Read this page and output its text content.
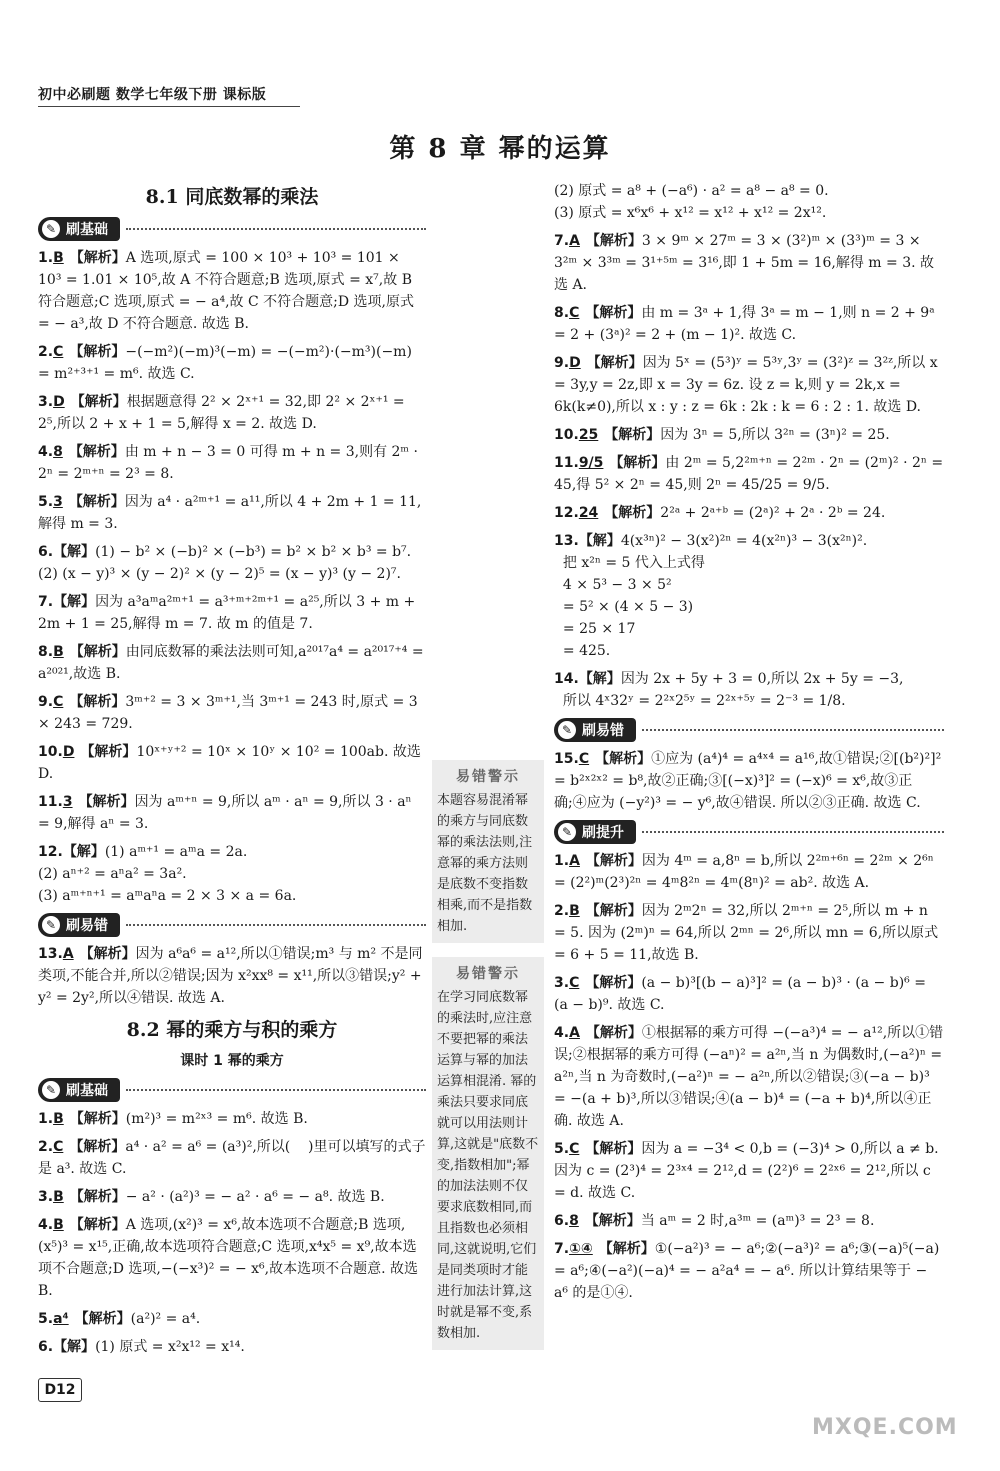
初中必刷题 数学七年级下册 课标版
第 8 章 幂的运算
8.1 同底数幂的乘法
✎ 刷基础
1.B 【解析】A 选项,原式 = 100 × 10³ + 10³ = 101 × 10³ = 1.01 × 10⁵,故 A 不符合题意;B 选项,原式 = x⁷,故 B 符合题意;C 选项,原式 = − a⁴,故 C 不符合题意;D 选项,原式 = − a³,故 D 不符合题意. 故选 B.
2.C 【解析】−(−m²)(−m)³(−m) = −(−m²)·(−m³)(−m) = m²⁺³⁺¹ = m⁶. 故选 C.
3.D 【解析】根据题意得 2² × 2ˣ⁺¹ = 32,即 2² × 2ˣ⁺¹ = 2⁵,所以 2 + x + 1 = 5,解得 x = 2. 故选 D.
4.8 【解析】由 m + n − 3 = 0 可得 m + n = 3,则有 2ᵐ · 2ⁿ = 2ᵐ⁺ⁿ = 2³ = 8.
5.3 【解析】因为 a⁴ · a²ᵐ⁺¹ = a¹¹,所以 4 + 2m + 1 = 11,解得 m = 3.
6.【解】(1) − b² × (−b)² × (−b³) = b² × b² × b³ = b⁷.
(2) (x − y)³ × (y − 2)² × (y − 2)⁵ = (x − y)³ (y − 2)⁷.
7.【解】因为 a³aᵐa²ᵐ⁺¹ = a³⁺ᵐ⁺²ᵐ⁺¹ = a²⁵,所以 3 + m + 2m + 1 = 25,解得 m = 7. 故 m 的值是 7.
8.B 【解析】由同底数幂的乘法法则可知,a²⁰¹⁷a⁴ = a²⁰¹⁷⁺⁴ = a²⁰²¹,故选 B.
9.C 【解析】3ᵐ⁺² = 3 × 3ᵐ⁺¹,当 3ᵐ⁺¹ = 243 时,原式 = 3 × 243 = 729.
10.D 【解析】10ˣ⁺ʸ⁺² = 10ˣ × 10ʸ × 10² = 100ab. 故选 D.
11.3 【解析】因为 aᵐ⁺ⁿ = 9,所以 aᵐ · aⁿ = 9,所以 3 · aⁿ = 9,解得 aⁿ = 3.
12.【解】(1) aᵐ⁺¹ = aᵐa = 2a.
(2) aⁿ⁺² = aⁿa² = 3a².
(3) aᵐ⁺ⁿ⁺¹ = aᵐaⁿa = 2 × 3 × a = 6a.
✎ 刷易错
13.A 【解析】因为 a⁶a⁶ = a¹²,所以①错误;m³ 与 m² 不是同类项,不能合并,所以②错误;因为 x²xx⁸ = x¹¹,所以③错误;y² + y² = 2y²,所以④错误. 故选 A.
8.2 幂的乘方与积的乘方
课时 1 幂的乘方
✎ 刷基础
1.B 【解析】(m²)³ = m²ˣ³ = m⁶. 故选 B.
2.C 【解析】a⁴ · a² = a⁶ = (a³)²,所以(    )里可以填写的式子是 a³. 故选 C.
3.B 【解析】− a² · (a²)³ = − a² · a⁶ = − a⁸. 故选 B.
4.B 【解析】A 选项,(x²)³ = x⁶,故本选项不合题意;B 选项,(x⁵)³ = x¹⁵,正确,故本选项符合题意;C 选项,x⁴x⁵ = x⁹,故本选项不合题意;D 选项,−(−x³)² = − x⁶,故本选项不合题意. 故选 B.
5.a⁴ 【解析】(a²)² = a⁴.
6.【解】(1) 原式 = x²x¹² = x¹⁴.
易错警示
本题容易混淆幂的乘方与同底数幂的乘法法则,注意幂的乘方法则是底数不变指数相乘,而不是指数相加.
易错警示
在学习同底数幂的乘法时,应注意不要把幂的乘法运算与幂的加法运算相混淆. 幂的乘法只要求同底就可以用法则计算,这就是"底数不变,指数相加";幂的加法法则不仅要求底数相同,而且指数也必须相同,这就说明,它们是同类项时才能进行加法计算,这时就是幂不变,系数相加.
(2) 原式 = a⁸ + (−a⁶) · a² = a⁸ − a⁸ = 0.
(3) 原式 = x⁶x⁶ + x¹² = x¹² + x¹² = 2x¹².
7.A 【解析】3 × 9ᵐ × 27ᵐ = 3 × (3²)ᵐ × (3³)ᵐ = 3 × 3²ᵐ × 3³ᵐ = 3¹⁺⁵ᵐ = 3¹⁶,即 1 + 5m = 16,解得 m = 3. 故选 A.
8.C 【解析】由 m = 3ᵃ + 1,得 3ᵃ = m − 1,则 n = 2 + 9ᵃ = 2 + (3ᵃ)² = 2 + (m − 1)². 故选 C.
9.D 【解析】因为 5ˣ = (5³)ʸ = 5³ʸ,3ʸ = (3²)ᶻ = 3²ᶻ,所以 x = 3y,y = 2z,即 x = 3y = 6z. 设 z = k,则 y = 2k,x = 6k(k≠0),所以 x : y : z = 6k : 2k : k = 6 : 2 : 1. 故选 D.
10.25 【解析】因为 3ⁿ = 5,所以 3²ⁿ = (3ⁿ)² = 25.
11.9/5 【解析】由 2ᵐ = 5,2²ᵐ⁺ⁿ = 2²ᵐ · 2ⁿ = (2ᵐ)² · 2ⁿ = 45,得 5² × 2ⁿ = 45,则 2ⁿ = 45/25 = 9/5.
12.24 【解析】2²ᵃ + 2ᵃ⁺ᵇ = (2ᵃ)² + 2ᵃ · 2ᵇ = 24.
13.【解】4(x³ⁿ)² − 3(x²)²ⁿ = 4(x²ⁿ)³ − 3(x²ⁿ)².
把 x²ⁿ = 5 代入上式得
4 × 5³ − 3 × 5²
= 5² × (4 × 5 − 3)
= 25 × 17
= 425.
14.【解】因为 2x + 5y + 3 = 0,所以 2x + 5y = −3,
所以 4ˣ32ʸ = 2²ˣ2⁵ʸ = 2²ˣ⁺⁵ʸ = 2⁻³ = 1/8.
✎ 刷易错
15.C 【解析】①应为 (a⁴)⁴ = a⁴ˣ⁴ = a¹⁶,故①错误;②[(b²)²]² = b²ˣ²ˣ² = b⁸,故②正确;③[(−x)³]² = (−x)⁶ = x⁶,故③正确;④应为 (−y²)³ = − y⁶,故④错误. 所以②③正确. 故选 C.
✎ 刷提升
1.A 【解析】因为 4ᵐ = a,8ⁿ = b,所以 2²ᵐ⁺⁶ⁿ = 2²ᵐ × 2⁶ⁿ = (2²)ᵐ(2³)²ⁿ = 4ᵐ8²ⁿ = 4ᵐ(8ⁿ)² = ab². 故选 A.
2.B 【解析】因为 2ᵐ2ⁿ = 32,所以 2ᵐ⁺ⁿ = 2⁵,所以 m + n = 5. 因为 (2ᵐ)ⁿ = 64,所以 2ᵐⁿ = 2⁶,所以 mn = 6,所以原式 = 6 + 5 = 11,故选 B.
3.C 【解析】(a − b)³[(b − a)³]² = (a − b)³ · (a − b)⁶ = (a − b)⁹. 故选 C.
4.A 【解析】①根据幂的乘方可得 −(−a³)⁴ = − a¹²,所以①错误;②根据幂的乘方可得 (−aⁿ)² = a²ⁿ,当 n 为偶数时,(−a²)ⁿ = a²ⁿ,当 n 为奇数时,(−a²)ⁿ = − a²ⁿ,所以②错误;③(−a − b)³ = −(a + b)³,所以③错误;④(a − b)⁴ = (−a + b)⁴,所以④正确. 故选 A.
5.C 【解析】因为 a = −3⁴ < 0,b = (−3)⁴ > 0,所以 a ≠ b. 因为 c = (2³)⁴ = 2³ˣ⁴ = 2¹²,d = (2²)⁶ = 2²ˣ⁶ = 2¹²,所以 c = d. 故选 C.
6.8 【解析】当 aᵐ = 2 时,a³ᵐ = (aᵐ)³ = 2³ = 8.
7.①④ 【解析】①(−a²)³ = − a⁶;②(−a³)² = a⁶;③(−a)⁵(−a) = a⁶;④(−a²)(−a)⁴ = − a²a⁴ = − a⁶. 所以计算结果等于 − a⁶ 的是①④.
D12
MXQE.COM
